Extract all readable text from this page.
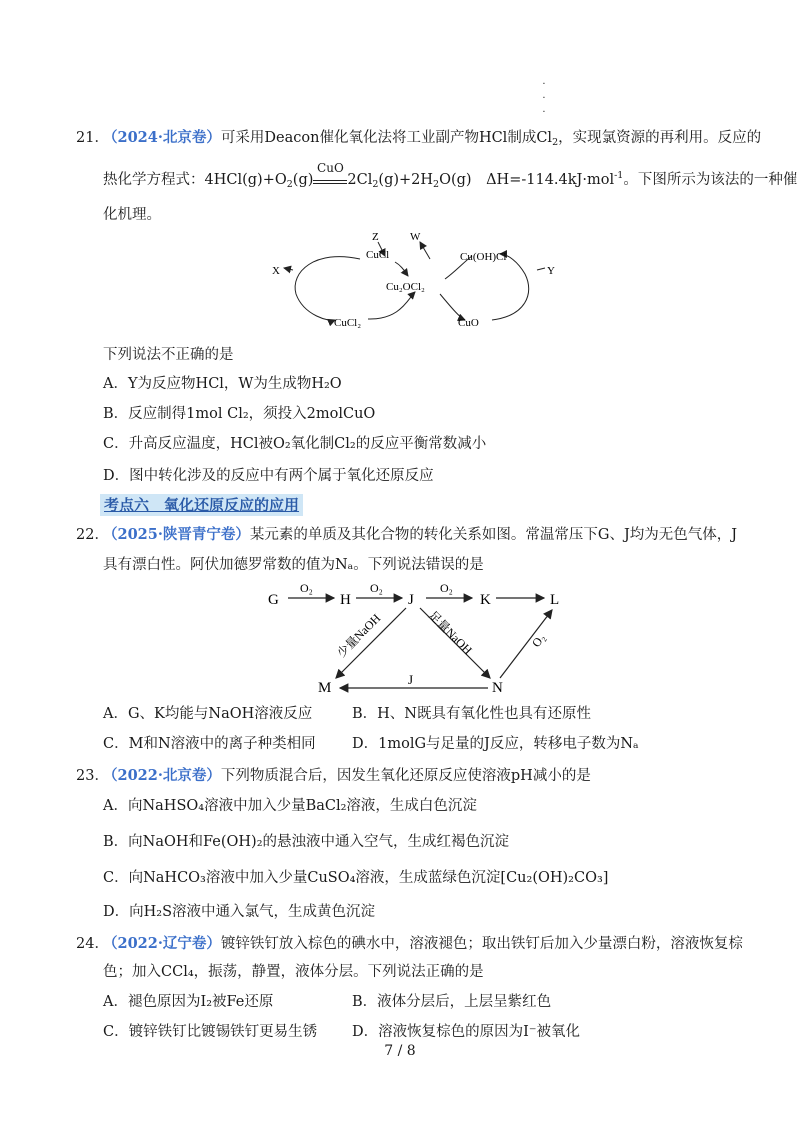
·
·
·
21．
（2024·北京卷）可采用Deacon催化氧化法将工业副产物HCl制成$Cl_2$，实现氯资源的再利用。反应的
热化学方程式：$4HCl(g)+O_2(g)$
CuO
$2Cl_2(g)+2H_2O(g)$　ΔH=-114.4kJ·mol$^{-1}$。下图所示为该法的一种催
化机理。
CuCl
Z	W
Cu(OH)Cl
X	Y
Cu₂OCl₂
CuCl₂	CuO
下列说法不正确的是
A．Y为反应物HCl，W为生成物H₂O
B．反应制得1mol Cl₂，须投入2molCuO
C．升高反应温度，HCl被O₂氧化制Cl₂的反应平衡常数减小
D．图中转化涉及的反应中有两个属于氧化还原反应
考点六　氧化还原反应的应用
22．
（2025·陕晋青宁卷）某元素的单质及其化合物的转化关系如图。常温常压下G、J均为无色气体，J
具有漂白性。阿伏加德罗常数的值为Nₐ。下列说法错误的是
G	H	J	K	L
M	N
O₂	O₂	O₂
O₂
少量NaOH	足量NaOH
J
A．G、K均能与NaOH溶液反应	B．H、N既具有氧化性也具有还原性
C．M和N溶液中的离子种类相同	D．1molG与足量的J反应，转移电子数为Nₐ
23．
（2022·北京卷）下列物质混合后，因发生氧化还原反应使溶液pH减小的是
A．向NaHSO₄溶液中加入少量BaCl₂溶液，生成白色沉淀
B．向NaOH和Fe(OH)₂的悬浊液中通入空气，生成红褐色沉淀
C．向NaHCO₃溶液中加入少量CuSO₄溶液，生成蓝绿色沉淀[Cu₂(OH)₂CO₃]
D．向H₂S溶液中通入氯气，生成黄色沉淀
24．
（2022·辽宁卷）镀锌铁钉放入棕色的碘水中，溶液褪色；取出铁钉后加入少量漂白粉，溶液恢复棕
色；加入CCl₄，振荡，静置，液体分层。下列说法正确的是
A．褪色原因为I₂被Fe还原	B．液体分层后，上层呈紫红色
C．镀锌铁钉比镀锡铁钉更易生锈 D．溶液恢复棕色的原因为I⁻被氧化
7 / 8
